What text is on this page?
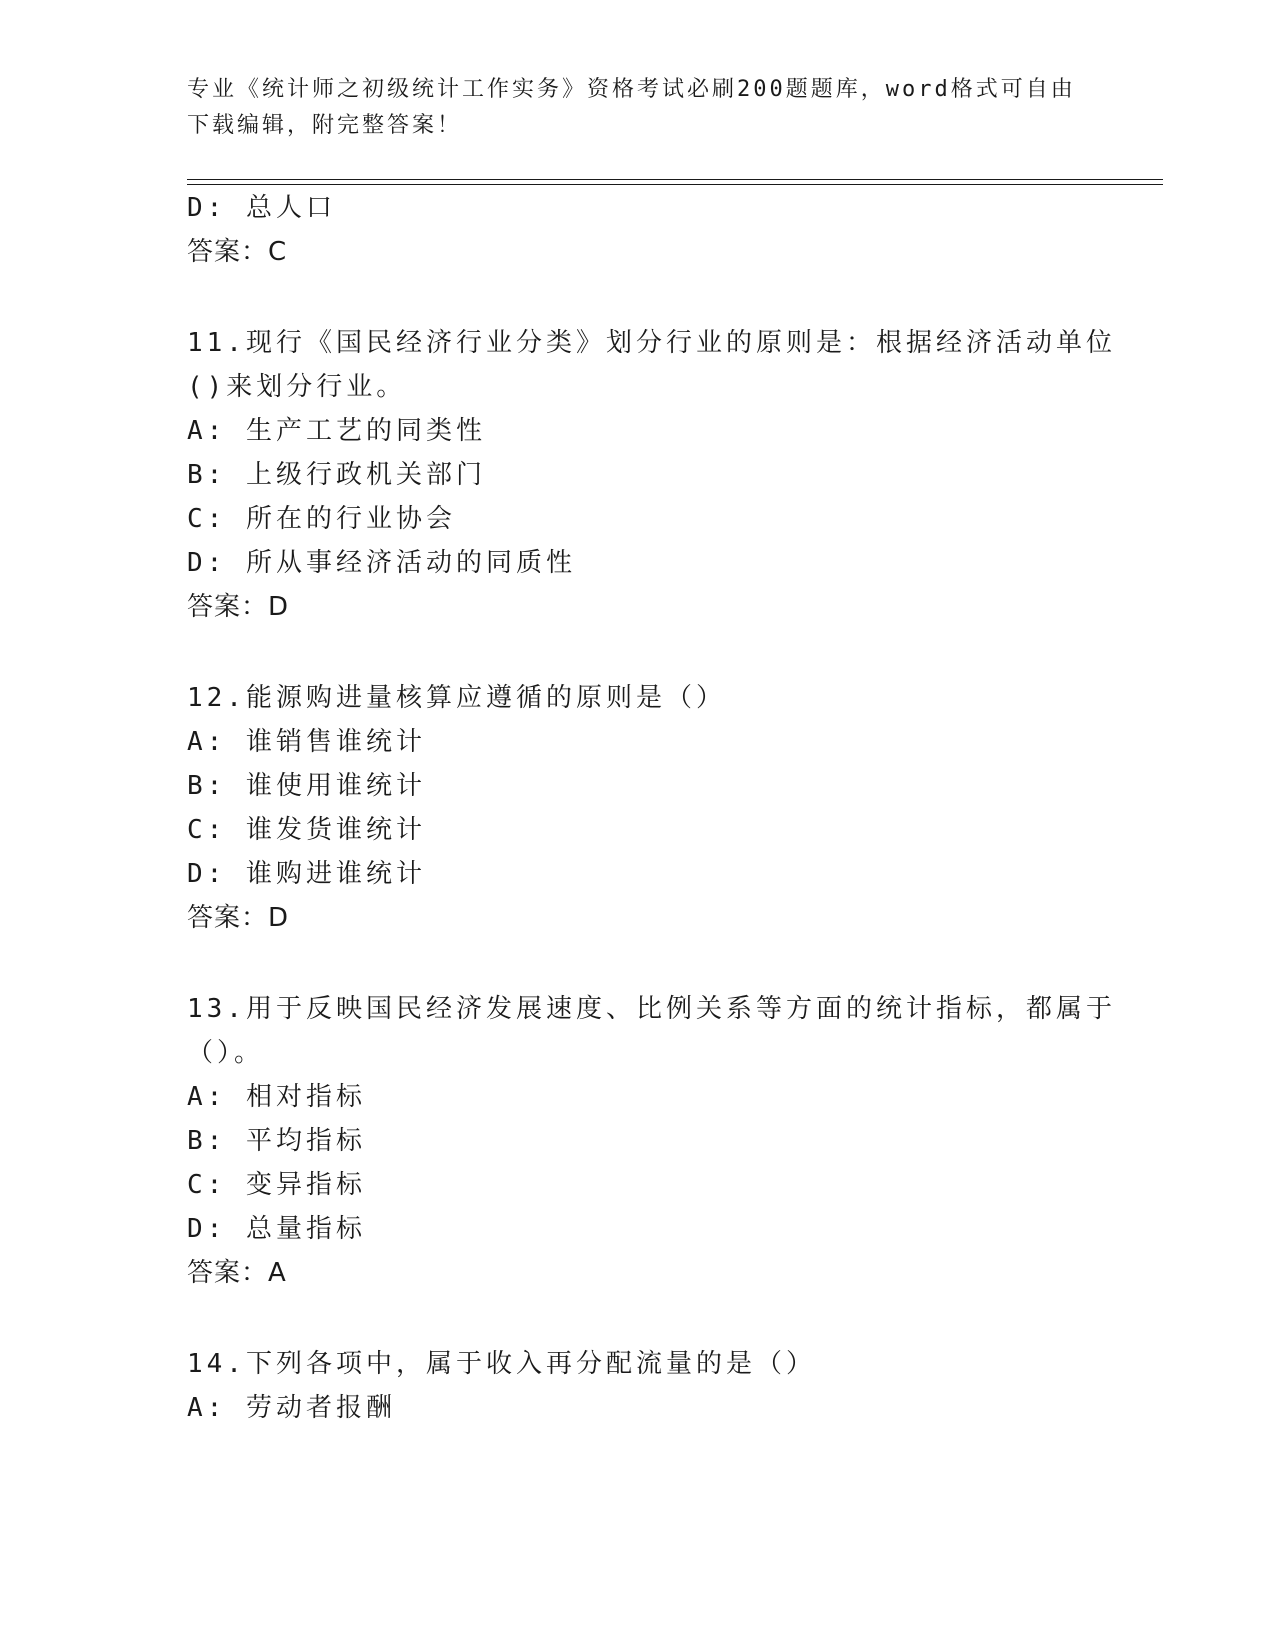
专业《统计师之初级统计工作实务》资格考试必刷200题题库，word格式可自由
下载编辑，附完整答案！
D: 总人口
答案：C
11.现行《国民经济行业分类》划分行业的原则是：根据经济活动单位
()来划分行业。
A: 生产工艺的同类性
B: 上级行政机关部门
C: 所在的行业协会
D: 所从事经济活动的同质性
答案：D
12.能源购进量核算应遵循的原则是（）
A: 谁销售谁统计
B: 谁使用谁统计
C: 谁发货谁统计
D: 谁购进谁统计
答案：D
13.用于反映国民经济发展速度、比例关系等方面的统计指标，都属于
（）。
A: 相对指标
B: 平均指标
C: 变异指标
D: 总量指标
答案：A
14.下列各项中，属于收入再分配流量的是（）
A: 劳动者报酬
